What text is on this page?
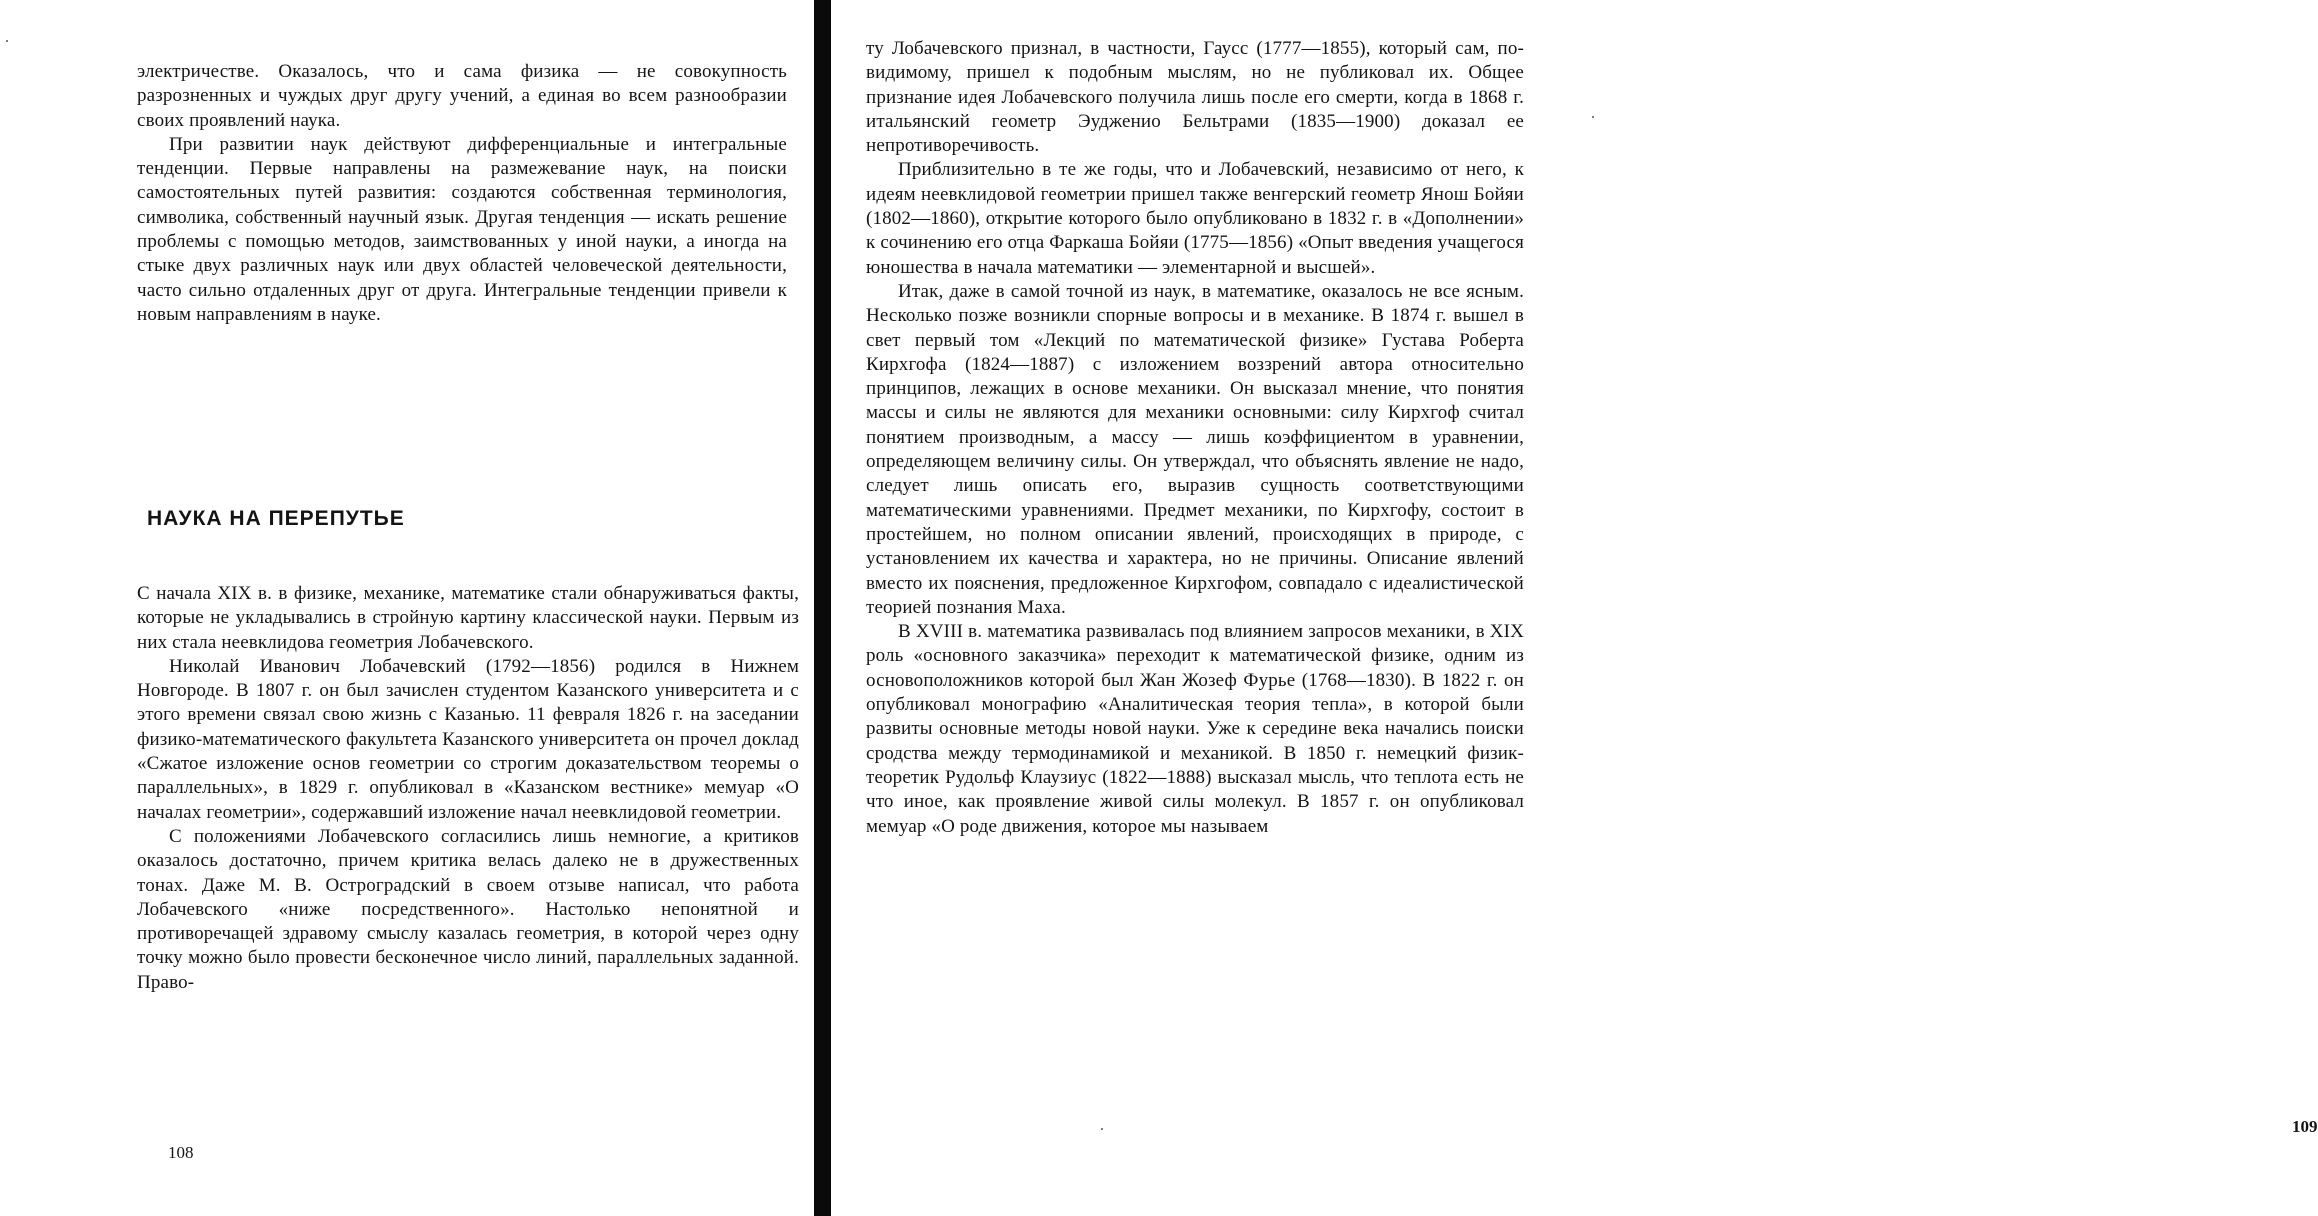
электричестве. Оказалось, что и сама физика — не совокупность разрозненных и чуждых друг другу учений, а единая во всем разнообразии своих проявлений наука.

При развитии наук действуют дифференциальные и интегральные тенденции. Первые направлены на размежевание наук, на поиски самостоятельных путей развития: создаются собственная терминология, символика, собственный научный язык. Другая тенденция — искать решение проблемы с помощью методов, заимствованных у иной науки, а иногда на стыке двух различных наук или двух областей человеческой деятельности, часто сильно отдаленных друг от друга. Интегральные тенденции привели к новым направлениям в науке.

НАУКА НА ПЕРЕПУТЬЕ

С начала XIX в. в физике, механике, математике стали обнаруживаться факты, которые не укладывались в стройную картину классической науки. Первым из них стала неевклидова геометрия Лобачевского.

Николай Иванович Лобачевский (1792—1856) родился в Нижнем Новгороде. В 1807 г. он был зачислен студентом Казанского университета и с этого времени связал свою жизнь с Казанью. 11 февраля 1826 г. на заседании физико-математического факультета Казанского университета он прочел доклад «Сжатое изложение основ геометрии со строгим доказательством теоремы о параллельных», в 1829 г. опубликовал в «Казанском вестнике» мемуар «О началах геометрии», содержавший изложение начал неевклидовой геометрии.

С положениями Лобачевского согласились лишь немногие, а критиков оказалось достаточно, причем критика велась далеко не в дружественных тонах. Даже М. В. Остроградский в своем отзыве написал, что работа Лобачевского «ниже посредственного». Настолько непонятной и противоречащей здравому смыслу казалась геометрия, в которой через одну точку можно было провести бесконечное число линий, параллельных заданной. Право-

108
109

ту Лобачевского признал, в частности, Гаусс (1777—1855), который сам, по-видимому, пришел к подобным мыслям, но не публиковал их. Общее признание идея Лобачевского получила лишь после его смерти, когда в 1868 г. итальянский геометр Эудженио Бельтрами (1835—1900) доказал ее непротиворечивость.

Приблизительно в те же годы, что и Лобачевский, независимо от него, к идеям неевклидовой геометрии пришел также венгерский геометр Янош Бойяи (1802—1860), открытие которого было опубликовано в 1832 г. в «Дополнении» к сочинению его отца Фаркаша Бойяи (1775—1856) «Опыт введения учащегося юношества в начала математики — элементарной и высшей».

Итак, даже в самой точной из наук, в математике, оказалось не все ясным. Несколько позже возникли спорные вопросы и в механике. В 1874 г. вышел в свет первый том «Лекций по математической физике» Густава Роберта Кирхгофа (1824—1887) с изложением воззрений автора относительно принципов, лежащих в основе механики. Он высказал мнение, что понятия массы и силы не являются для механики основными: силу Кирхгоф считал понятием производным, а массу — лишь коэффициентом в уравнении, определяющем величину силы. Он утверждал, что объяснять явление не надо, следует лишь описать его, выразив сущность соответствующими математическими уравнениями. Предмет механики, по Кирхгофу, состоит в простейшем, но полном описании явлений, происходящих в природе, с установлением их качества и характера, но не причины. Описание явлений вместо их пояснения, предложенное Кирхгофом, совпадало с идеалистической теорией познания Маха.

В XVIII в. математика развивалась под влиянием запросов механики, в XIX роль «основного заказчика» переходит к математической физике, одним из основоположников которой был Жан Жозеф Фурье (1768—1830). В 1822 г. он опубликовал монографию «Аналитическая теория тепла», в которой были развиты основные методы новой науки. Уже к середине века начались поиски сродства между термодинамикой и механикой. В 1850 г. немецкий физик-теоретик Рудольф Клаузиус (1822—1888) высказал мысль, что теплота есть не что иное, как проявление живой силы молекул. В 1857 г. он опубликовал мемуар «О роде движения, которое мы называем
